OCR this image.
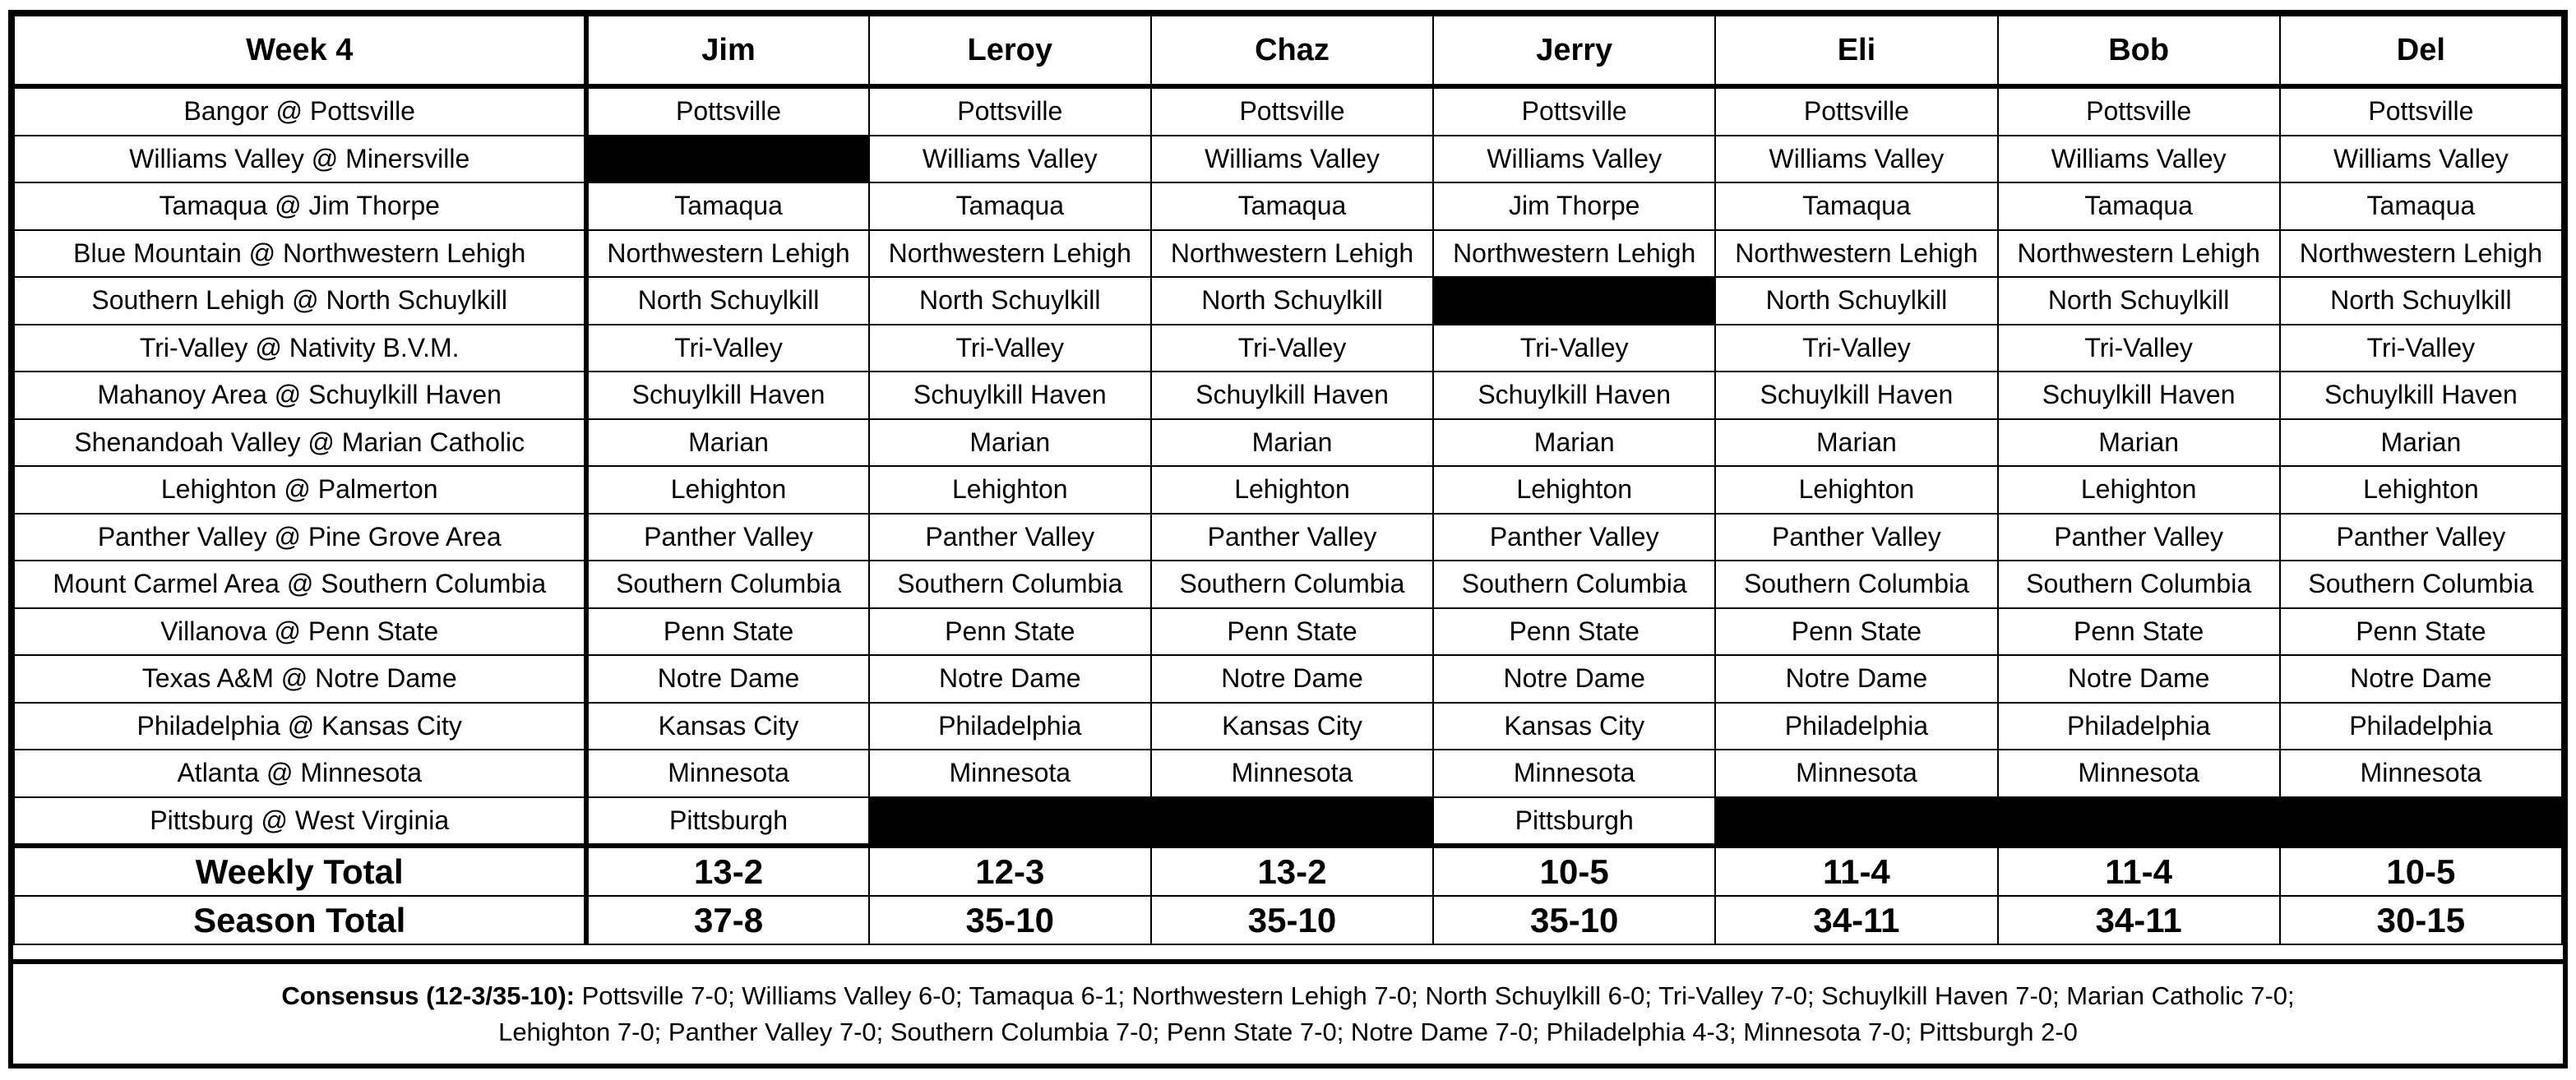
Week 4	Jim	Leroy	Chaz	Jerry	Eli	Bob	Del
Bangor @ Pottsville	Pottsville	Pottsville	Pottsville	Pottsville	Pottsville	Pottsville	Pottsville
Williams Valley @ Minersville		Williams Valley	Williams Valley	Williams Valley	Williams Valley	Williams Valley	Williams Valley
Tamaqua @ Jim Thorpe	Tamaqua	Tamaqua	Tamaqua	Jim Thorpe	Tamaqua	Tamaqua	Tamaqua
Blue Mountain @ Northwestern Lehigh	Northwestern Lehigh	Northwestern Lehigh	Northwestern Lehigh	Northwestern Lehigh	Northwestern Lehigh	Northwestern Lehigh	Northwestern Lehigh
Southern Lehigh @ North Schuylkill	North Schuylkill	North Schuylkill	North Schuylkill		North Schuylkill	North Schuylkill	North Schuylkill
Tri-Valley @ Nativity B.V.M.	Tri-Valley	Tri-Valley	Tri-Valley	Tri-Valley	Tri-Valley	Tri-Valley	Tri-Valley
Mahanoy Area @ Schuylkill Haven	Schuylkill Haven	Schuylkill Haven	Schuylkill Haven	Schuylkill Haven	Schuylkill Haven	Schuylkill Haven	Schuylkill Haven
Shenandoah Valley @ Marian Catholic	Marian	Marian	Marian	Marian	Marian	Marian	Marian
Lehighton @ Palmerton	Lehighton	Lehighton	Lehighton	Lehighton	Lehighton	Lehighton	Lehighton
Panther Valley @ Pine Grove Area	Panther Valley	Panther Valley	Panther Valley	Panther Valley	Panther Valley	Panther Valley	Panther Valley
Mount Carmel Area @ Southern Columbia	Southern Columbia	Southern Columbia	Southern Columbia	Southern Columbia	Southern Columbia	Southern Columbia	Southern Columbia
Villanova @ Penn State	Penn State	Penn State	Penn State	Penn State	Penn State	Penn State	Penn State
Texas A&M @ Notre Dame	Notre Dame	Notre Dame	Notre Dame	Notre Dame	Notre Dame	Notre Dame	Notre Dame
Philadelphia @ Kansas City	Kansas City	Philadelphia	Kansas City	Kansas City	Philadelphia	Philadelphia	Philadelphia
Atlanta @ Minnesota	Minnesota	Minnesota	Minnesota	Minnesota	Minnesota	Minnesota	Minnesota
Pittsburg @ West Virginia	Pittsburgh			Pittsburgh			
Weekly Total	13-2	12-3	13-2	10-5	11-4	11-4	10-5
Season Total	37-8	35-10	35-10	35-10	34-11	34-11	30-15
Consensus (12-3/35-10): Pottsville 7-0; Williams Valley 6-0; Tamaqua 6-1; Northwestern Lehigh 7-0; North Schuylkill 6-0; Tri-Valley 7-0; Schuylkill Haven 7-0; Marian Catholic 7-0;
Lehighton 7-0; Panther Valley 7-0; Southern Columbia 7-0; Penn State 7-0; Notre Dame 7-0; Philadelphia 4-3; Minnesota 7-0; Pittsburgh 2-0
